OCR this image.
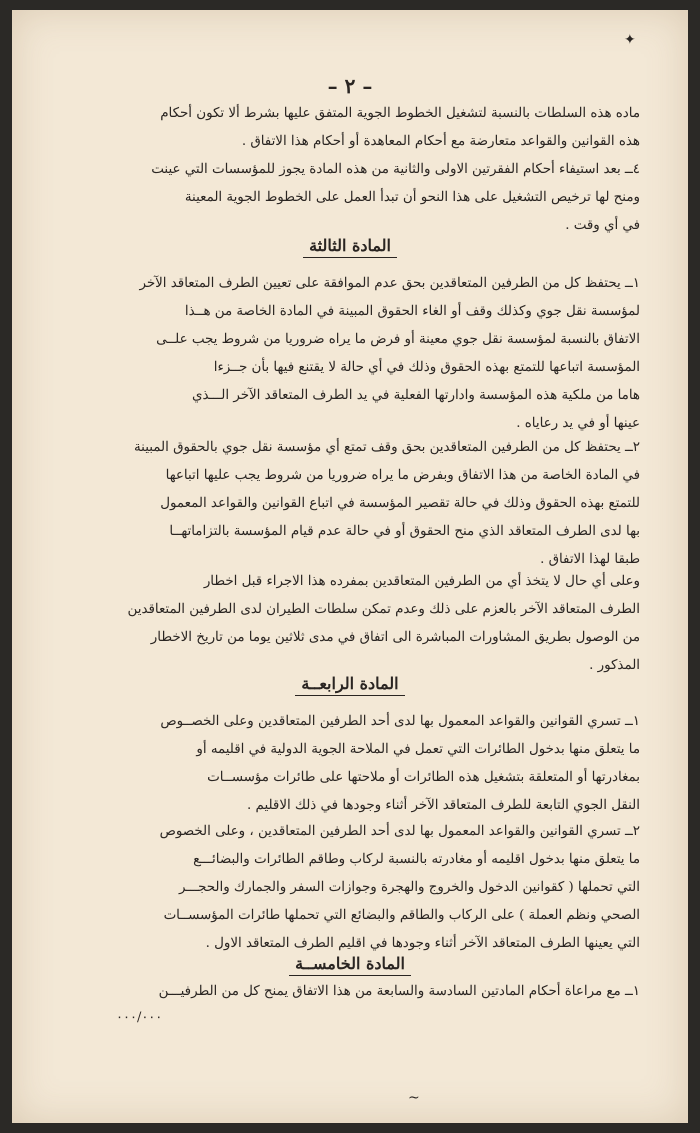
✦
– ٢ –
ماده هذه السلطات بالنسبة لتشغيل الخطوط الجوية المتفق عليها بشرط ألا تكون أحكام
هذه القوانين والقواعد متعارضة مع أحكام المعاهدة أو أحكام هذا الاتفاق .
٤ــ بعد استيفاء أحكام الفقرتين الاولى والثانية من هذه المادة يجوز للمؤسسات التي عينت
ومنح لها ترخيص التشغيل على هذا النحو أن تبدأ العمل على الخطوط الجوية المعينة
في أي وقت .
المادة الثالثة
١ــ يحتفظ كل من الطرفين المتعاقدين بحق عدم الموافقة على تعيين الطرف المتعاقد الآخر
لمؤسسة نقل جوي وكذلك وقف أو الغاء الحقوق المبينة في المادة الخاصة من هــذا
الاتفاق بالنسبة لمؤسسة نقل جوي معينة أو فرض ما يراه ضروريا من شروط يجب علــى
المؤسسة اتباعها للتمتع بهذه الحقوق وذلك في أي حالة لا يقتنع فيها بأن جــزءا
هاما من ملكية هذه المؤسسة وادارتها الفعلية في يد الطرف المتعاقد الآخر الـــذي
عينها أو في يد رعاياه .
٢ــ يحتفظ كل من الطرفين المتعاقدين بحق وقف تمتع أي مؤسسة نقل جوي بالحقوق المبينة
في المادة الخاصة من هذا الاتفاق وبفرض ما يراه ضروريا من شروط يجب عليها اتباعها
للتمتع بهذه الحقوق وذلك في حالة تقصير المؤسسة في اتباع القوانين والقواعد المعمول
بها لدى الطرف المتعاقد الذي منح الحقوق أو في حالة عدم قيام المؤسسة بالتزاماتهــا
طبقا لهذا الاتفاق .
وعلى أي حال لا يتخذ أي من الطرفين المتعاقدين بمفرده هذا الاجراء قبل اخطار
الطرف المتعاقد الآخر بالعزم على ذلك وعدم تمكن سلطات الطيران لدى الطرفين المتعاقدين
من الوصول بطريق المشاورات المباشرة الى اتفاق في مدى ثلاثين يوما من تاريخ الاخطار
المذكور .
المادة الرابعــة
١ــ تسري القوانين والقواعد المعمول بها لدى أحد الطرفين المتعاقدين وعلى الخصــوص
ما يتعلق منها بدخول الطائرات التي تعمل في الملاحة الجوية الدولية في اقليمه أو
بمغادرتها أو المتعلقة بتشغيل هذه الطائرات أو ملاحتها على طائرات مؤسســات
النقل الجوي التابعة للطرف المتعاقد الآخر أثناء وجودها في ذلك الاقليم .
٢ــ تسري القوانين والقواعد المعمول بها لدى أحد الطرفين المتعاقدين ، وعلى الخصوص
ما يتعلق منها بدخول اقليمه أو مغادرته بالنسبة لركاب وطاقم الطائرات والبضائـــع
التي تحملها ( كقوانين الدخول والخروج والهجرة وجوازات السفر والجمارك والحجـــر
الصحي ونظم العملة ) على الركاب والطاقم والبضائع التي تحملها طائرات المؤسســات
التي يعينها الطرف المتعاقد الآخر أثناء وجودها في اقليم الطرف المتعاقد الاول .
المادة الخامســة
١ــ مع مراعاة أحكام المادتين السادسة والسابعة من هذا الاتفاق يمنح كل من الطرفيـــن
٠٠٠/٠٠٠
~
